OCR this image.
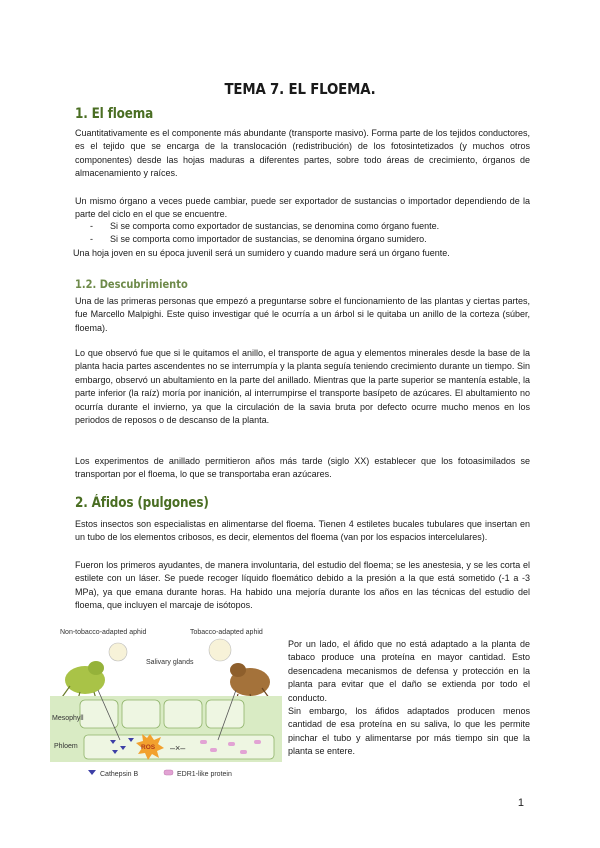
TEMA 7. EL FLOEMA.
1. El floema
Cuantitativamente es el componente más abundante (transporte masivo). Forma parte de los tejidos conductores, es el tejido que se encarga de la translocación (redistribución) de los fotosintetizados (y muchos otros componentes) desde las hojas maduras a diferentes partes, sobre todo áreas de crecimiento, órganos de almacenamiento y raíces.
Un mismo órgano a veces puede cambiar, puede ser exportador de sustancias o importador dependiendo de la parte del ciclo en el que se encuentre.
- Si se comporta como exportador de sustancias, se denomina como órgano fuente.
- Si se comporta como importador de sustancias, se denomina órgano sumidero.
Una hoja joven en su época juvenil será un sumidero y cuando madure será un órgano fuente.
1.2. Descubrimiento
Una de las primeras personas que empezó a preguntarse sobre el funcionamiento de las plantas y ciertas partes, fue Marcello Malpighi. Este quiso investigar qué le ocurría a un árbol si le quitaba un anillo de la corteza (súber, floema).
Lo que observó fue que si le quitamos el anillo, el transporte de agua y elementos minerales desde la base de la planta hacia partes ascendentes no se interrumpía y la planta seguía teniendo crecimiento durante un tiempo. Sin embargo, observó un abultamiento en la parte del anillado. Mientras que la parte superior se mantenía estable, la parte inferior (la raíz) moría por inanición, al interrumpirse el transporte basípeto de azúcares. El abultamiento no ocurría durante el invierno, ya que la circulación de la savia bruta por defecto ocurre mucho menos en los periodos de reposos o de descanso de la planta.
Los experimentos de anillado permitieron años más tarde (siglo XX) establecer que los fotoasimilados se transportan por el floema, lo que se transportaba eran azúcares.
2. Áfidos (pulgones)
Estos insectos son especialistas en alimentarse del floema. Tienen 4 estiletes bucales tubulares que insertan en un tubo de los elementos cribosos, es decir, elementos del floema (van por los espacios intercelulares).
Fueron los primeros ayudantes, de manera involuntaria, del estudio del floema; se les anestesia, y se les corta el estilete con un láser. Se puede recoger líquido floemático debido a la presión a la que está sometido (-1 a -3 MPa), ya que emana durante horas. Ha habido una mejoría durante los años en las técnicas del estudio del floema, que incluyen el marcaje de isótopos.
Non-tobacco-adapted aphid	Tobacco-adapted aphid
Salivary glands
Mesophyll
Phloem	ROS –×–
Cathepsin B	EDR1-like protein
Por un lado, el áfido que no está adaptado a la planta de tabaco produce una proteína en mayor cantidad. Esto desencadena mecanismos de defensa y protección en la planta para evitar que el daño se extienda por todo el conducto.
Sin embargo, los áfidos adaptados producen menos cantidad de esa proteína en su saliva, lo que les permite pinchar el tubo y alimentarse por más tiempo sin que la planta se entere.
1
